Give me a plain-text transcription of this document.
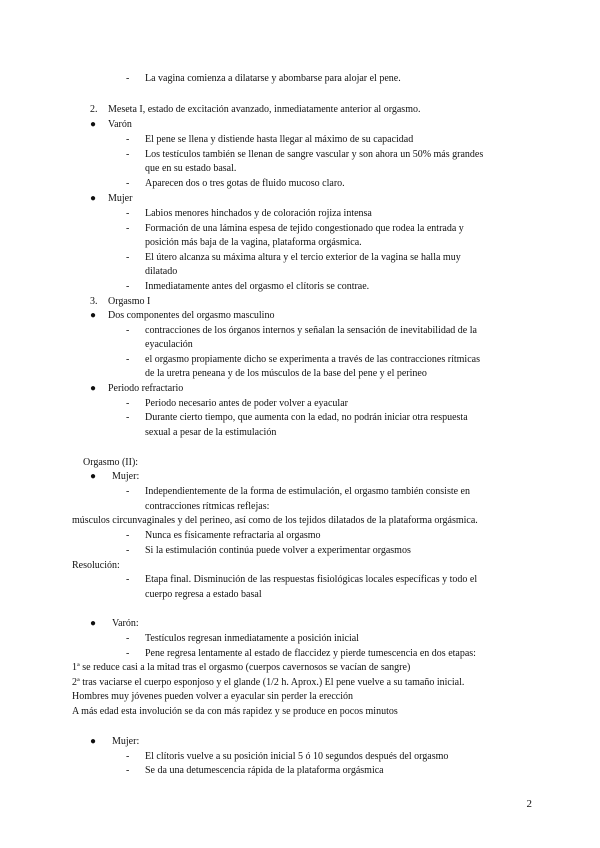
- La vagina comienza a dilatarse y abombarse para alojar el pene.
2. Meseta I, estado de excitación avanzado, inmediatamente anterior al orgasmo.
● Varón
- El pene se llena y distiende hasta llegar al máximo de su capacidad
- Los testículos también se llenan de sangre vascular y son ahora un 50% más grandes
que en su estado basal.
- Aparecen dos o tres gotas de fluido mucoso claro.
● Mujer
- Labios menores hinchados y de coloración rojiza intensa
- Formación de una lámina espesa de tejido congestionado que rodea la entrada y
posición más baja de la vagina, plataforma orgásmica.
- El útero alcanza su máxima altura y el tercio exterior de la vagina se halla muy
dilatado
- Inmediatamente antes del orgasmo el clítoris se contrae.
3. Orgasmo I
● Dos componentes del orgasmo masculino
- contracciones de los órganos internos y señalan la sensación de inevitabilidad de la
eyaculación
- el orgasmo propiamente dicho se experimenta a través de las contracciones rítmicas
de la uretra peneana y de los músculos de la base del pene y el perineo
● Periodo refractario
- Periodo necesario antes de poder volver a eyacular
- Durante cierto tiempo, que aumenta con la edad, no podrán iniciar otra respuesta
sexual a pesar de la estimulación
Orgasmo (II):
● Mujer:
- Independientemente de la forma de estimulación, el orgasmo también consiste en
contracciones rítmicas reflejas:
músculos circunvaginales y del perineo, así como de los tejidos dilatados de la plataforma orgásmica.
- Nunca es físicamente refractaria al orgasmo
- Si la estimulación continúa puede volver a experimentar orgasmos
Resolución:
- Etapa final. Disminución de las respuestas fisiológicas locales específicas y todo el
cuerpo regresa a estado basal
● Varón:
- Testículos regresan inmediatamente a posición inicial
- Pene regresa lentamente al estado de flaccidez y pierde tumescencia en dos etapas:
1ª se reduce casi a la mitad tras el orgasmo (cuerpos cavernosos se vacían de sangre)
2ª tras vaciarse el cuerpo esponjoso y el glande (1/2 h. Aprox.) El pene vuelve a su tamaño inicial.
Hombres muy jóvenes pueden volver a eyacular sin perder la erección
A más edad esta involución se da con más rapidez y se produce en pocos minutos
● Mujer:
- El clítoris vuelve a su posición inicial 5 ó 10 segundos después del orgasmo
- Se da una detumescencia rápida de la plataforma orgásmica
2
